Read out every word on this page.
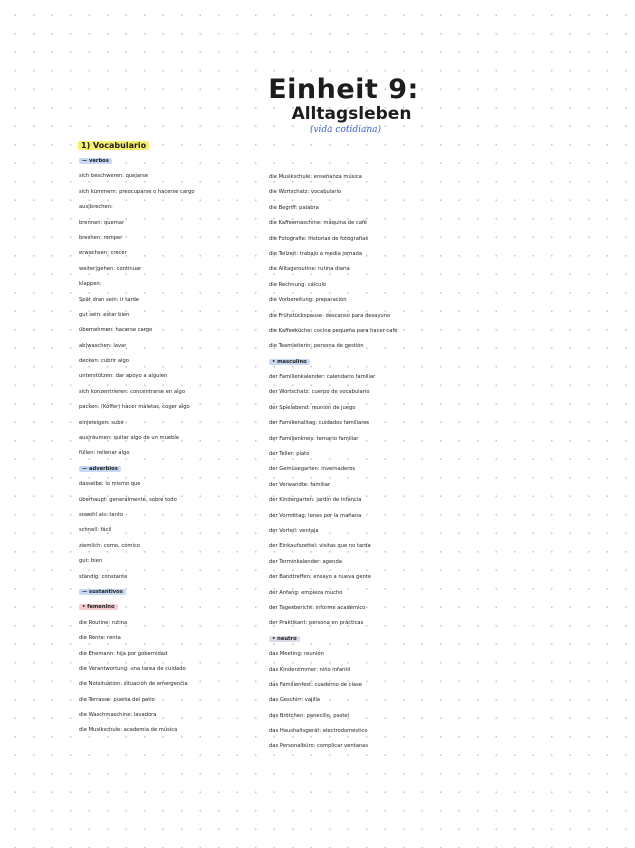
Einheit 9:
Alltagsleben
(vida cotidiana)
1) Vocabulario
— verbos
sich beschweren: quejarse
sich kümmern: preocuparse o hacerse cargo
aus|brechen:
brennen: quemar
brechen: romper
erwachsen: crecer
weiter|gehen: continuar
klappen:
Spät dran sein: ir tarde
gut sein: estar bien
übernehmen: hacerse cargo
ab|waschen: lavar
decken: cubrir algo
unterstützen: dar apoyo a alguien
sich konzentrieren: concentrarse en algo
packen: (Koffer) hacer maletas, coger algo
ein|steigen: subir
aus|räumen: quitar algo de un mueble
füllen: rellenar algo
— adverbios
dasselbe: lo mismo que
überhaupt: generalmente, sobre todo
sowohl als: tanto
schnell: fácil
ziemlich: como, cómico
gut: bien
ständig: constante
— sustantivos
• femenino
die Routine: rutina
die Rente: renta
die Ehemann: hija por gobernidad
die Verantwortung: una tarea de cuidado
die Notsituation: situación de emergencia
die Terrasse: puerta del patio
die Waschmaschine: lavadora
die Musikschule: academia de música
die Musikschule: enseñanza música
die Wortschatz: vocabulario
die Begriff: palabra
die Kaffeemaschine: máquina de café
die Fotografie: historias de fotografías
die Teilzeit: trabajo a media jornada
die Alltagsroutine: rutina diaria
die Rechnung: cálculo
die Vorbereitung: preparación
die Frühstückspause: descanso para desayuno
die Kaffeeküche: cocina pequeña para hacer café
die Teamleiterin: persona de gestión
• masculino
der Familienkalender: calendario familiar
der Wortschatz: cuerpo de vocabulario
der Spielabend: reunión de juego
der Familienalltag: cuidados familiares
der Familienkreis: ternario familiar
der Teller: plato
der Gemüsegarten: invernaderos
der Verwandte: familiar
der Kindergarten: jardín de infancia
der Vormittag: lunes por la mañana
der Vorteil: ventaja
der Einkaufszettel: visitas que no tarda
der Terminkalender: agenda
der Bandtreffen: ensayo a nueva gente
der Anfang: empieza mucho
der Tagesbericht: informe académico
der Praktikant: persona en prácticas
• neutro
das Meeting: reunión
das Kinderzimmer: niño infantil
das Familienfest: cuaderno de clase
das Geschirr: vajilla
das Brötchen: panecillo, pastel
das Haushaltsgerät: electrodoméstico
das Personalbüro: complicar ventanas
